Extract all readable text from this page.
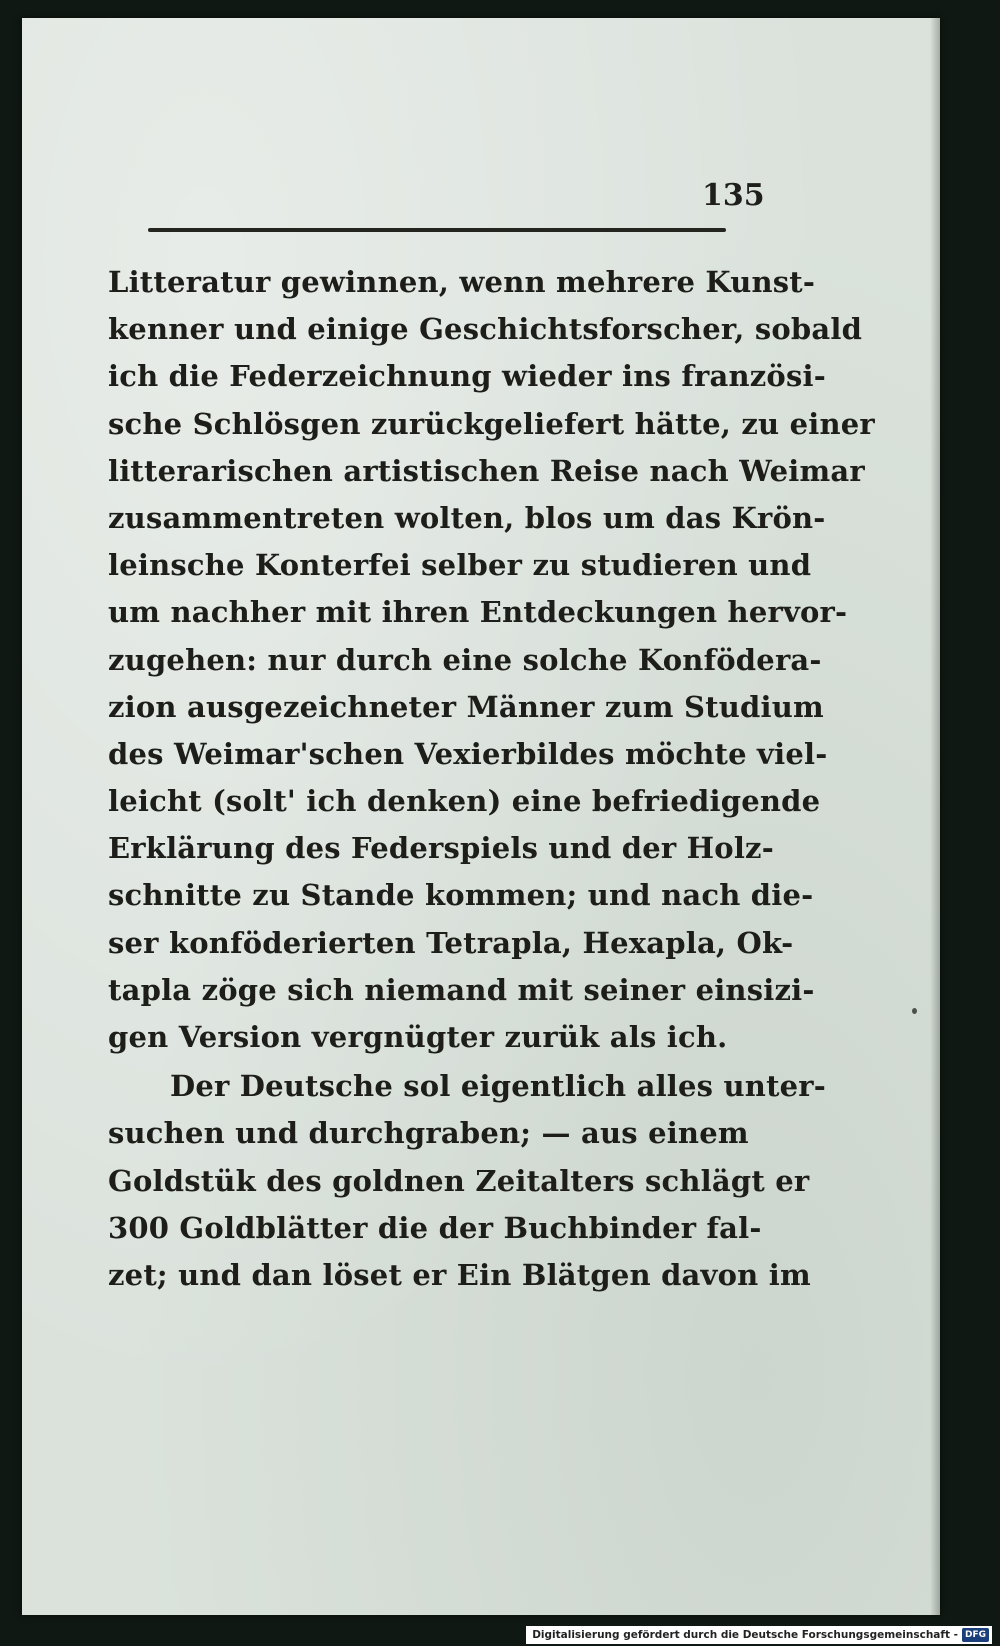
135
Litteratur gewinnen, wenn mehrere Kunst-
kenner und einige Geschichtsforscher, sobald
ich die Federzeichnung wieder ins französi-
sche Schlösgen zurückgeliefert hätte, zu einer
litterarischen artistischen Reise nach Weimar
zusammentreten wolten, blos um das Krön-
leinsche Konterfei selber zu studieren und
um nachher mit ihren Entdeckungen hervor-
zugehen: nur durch eine solche Konfödera-
zion ausgezeichneter Männer zum Studium
des Weimar'schen Vexierbildes möchte viel-
leicht (solt' ich denken) eine befriedigende
Erklärung des Federspiels und der Holz-
schnitte zu Stande kommen; und nach die-
ser konföderierten Tetrapla, Hexapla, Ok-
tapla zöge sich niemand mit seiner einsizi-
gen Version vergnügter zurük als ich.
Der Deutsche sol eigentlich alles unter-
suchen und durchgraben; — aus einem
Goldstük des goldnen Zeitalters schlägt er
300 Goldblätter die der Buchbinder fal-
zet; und dan löset er Ein Blätgen davon im
Digitalisierung gefördert durch die Deutsche Forschungsgemeinschaft - DFG
